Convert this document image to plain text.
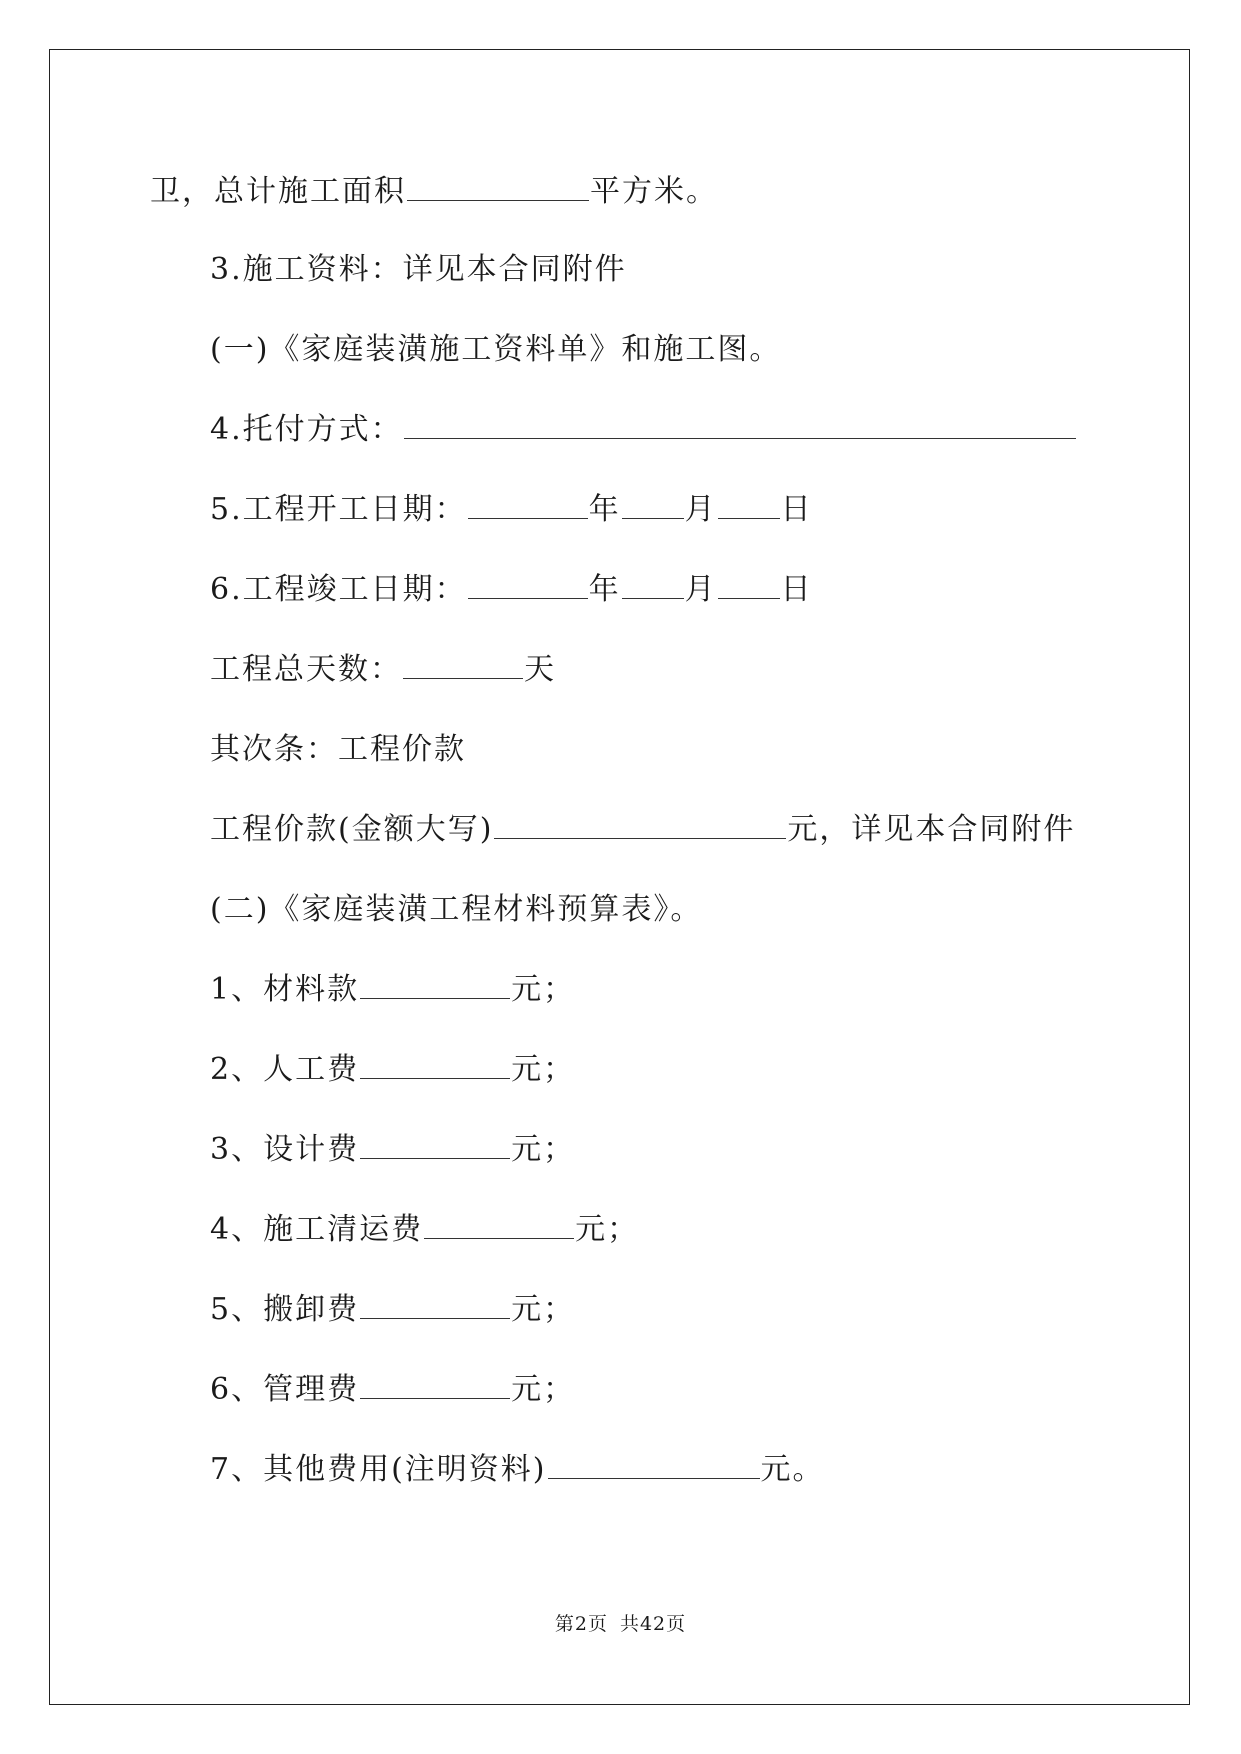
卫，总计施工面积	平方米。
3.施工资料：详见本合同附件
(一)《家庭装潢施工资料单》和施工图。
4.托付方式：
5.工程开工日期：	年 月 日
6.工程竣工日期：	年 月 日
工程总天数：	天
其次条：工程价款
工程价款(金额大写)	元，详见本合同附件
(二)《家庭装潢工程材料预算表》。
1、材料款	元；
2、人工费	元；
3、设计费	元；
4、施工清运费	元；
5、搬卸费	元；
6、管理费	元；
7、其他费用(注明资料)	元。
第2页 共42页
